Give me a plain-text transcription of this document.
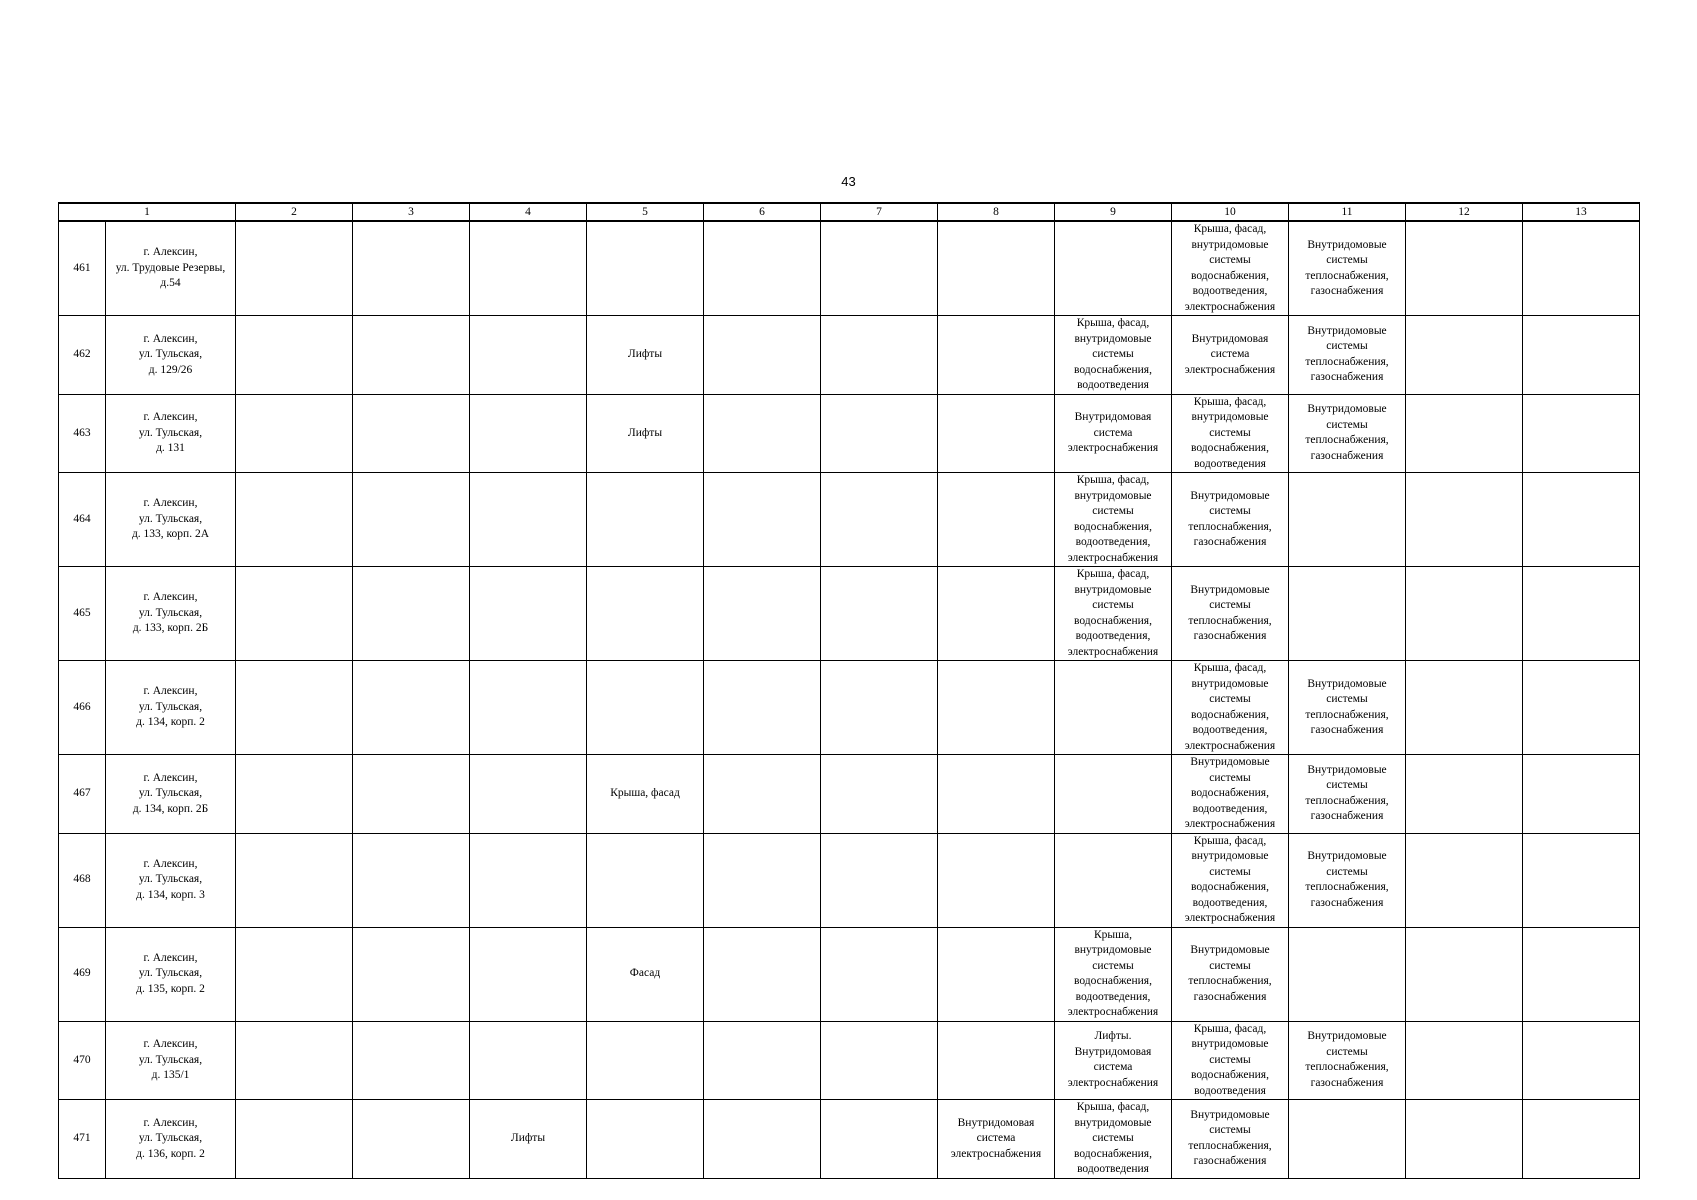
43
1		2	3	4	5	6	7	8	9	10	11	12	13
461	г. Алексин,
ул. Трудовые Резервы,
д.54									Крыша, фасад, внутридомовые системы водоснабжения, водоотведения, электроснабжения	Внутридомовые системы теплоснабжения, газоснабжения		

462	г. Алексин,
ул. Тульская,
д. 129/26				Лифты				Крыша, фасад, внутридомовые системы водоснабжения, водоотведения	Внутридомовая система электроснабжения	Внутридомовые системы теплоснабжения, газоснабжения		

463	г. Алексин,
ул. Тульская,
д. 131				Лифты				Внутридомовая система электроснабжения	Крыша, фасад, внутридомовые системы водоснабжения, водоотведения	Внутридомовые системы теплоснабжения, газоснабжения		

464	г. Алексин,
ул. Тульская,
д. 133, корп. 2А								Крыша, фасад, внутридомовые системы водоснабжения, водоотведения, электроснабжения	Внутридомовые системы теплоснабжения, газоснабжения			

465	г. Алексин,
ул. Тульская,
д. 133, корп. 2Б								Крыша, фасад, внутридомовые системы водоснабжения, водоотведения, электроснабжения	Внутридомовые системы теплоснабжения, газоснабжения			

466	г. Алексин,
ул. Тульская,
д. 134, корп. 2									Крыша, фасад, внутридомовые системы водоснабжения, водоотведения, электроснабжения	Внутридомовые системы теплоснабжения, газоснабжения		

467	г. Алексин,
ул. Тульская,
д. 134, корп. 2Б				Крыша, фасад					Внутридомовые системы водоснабжения, водоотведения, электроснабжения	Внутридомовые системы теплоснабжения, газоснабжения		

468	г. Алексин,
ул. Тульская,
д. 134, корп. 3									Крыша, фасад, внутридомовые системы водоснабжения, водоотведения, электроснабжения	Внутридомовые системы теплоснабжения, газоснабжения		

469	г. Алексин,
ул. Тульская,
д. 135, корп. 2				Фасад				Крыша, внутридомовые системы водоснабжения, водоотведения, электроснабжения	Внутридомовые системы теплоснабжения, газоснабжения			

470	г. Алексин,
ул. Тульская,
д. 135/1								Лифты. Внутридомовая система электроснабжения	Крыша, фасад, внутридомовые системы водоснабжения, водоотведения	Внутридомовые системы теплоснабжения, газоснабжения		

471	г. Алексин,
ул. Тульская,
д. 136, корп. 2			Лифты				Внутридомовая система электроснабжения	Крыша, фасад, внутридомовые системы водоснабжения, водоотведения	Внутридомовые системы теплоснабжения, газоснабжения			
